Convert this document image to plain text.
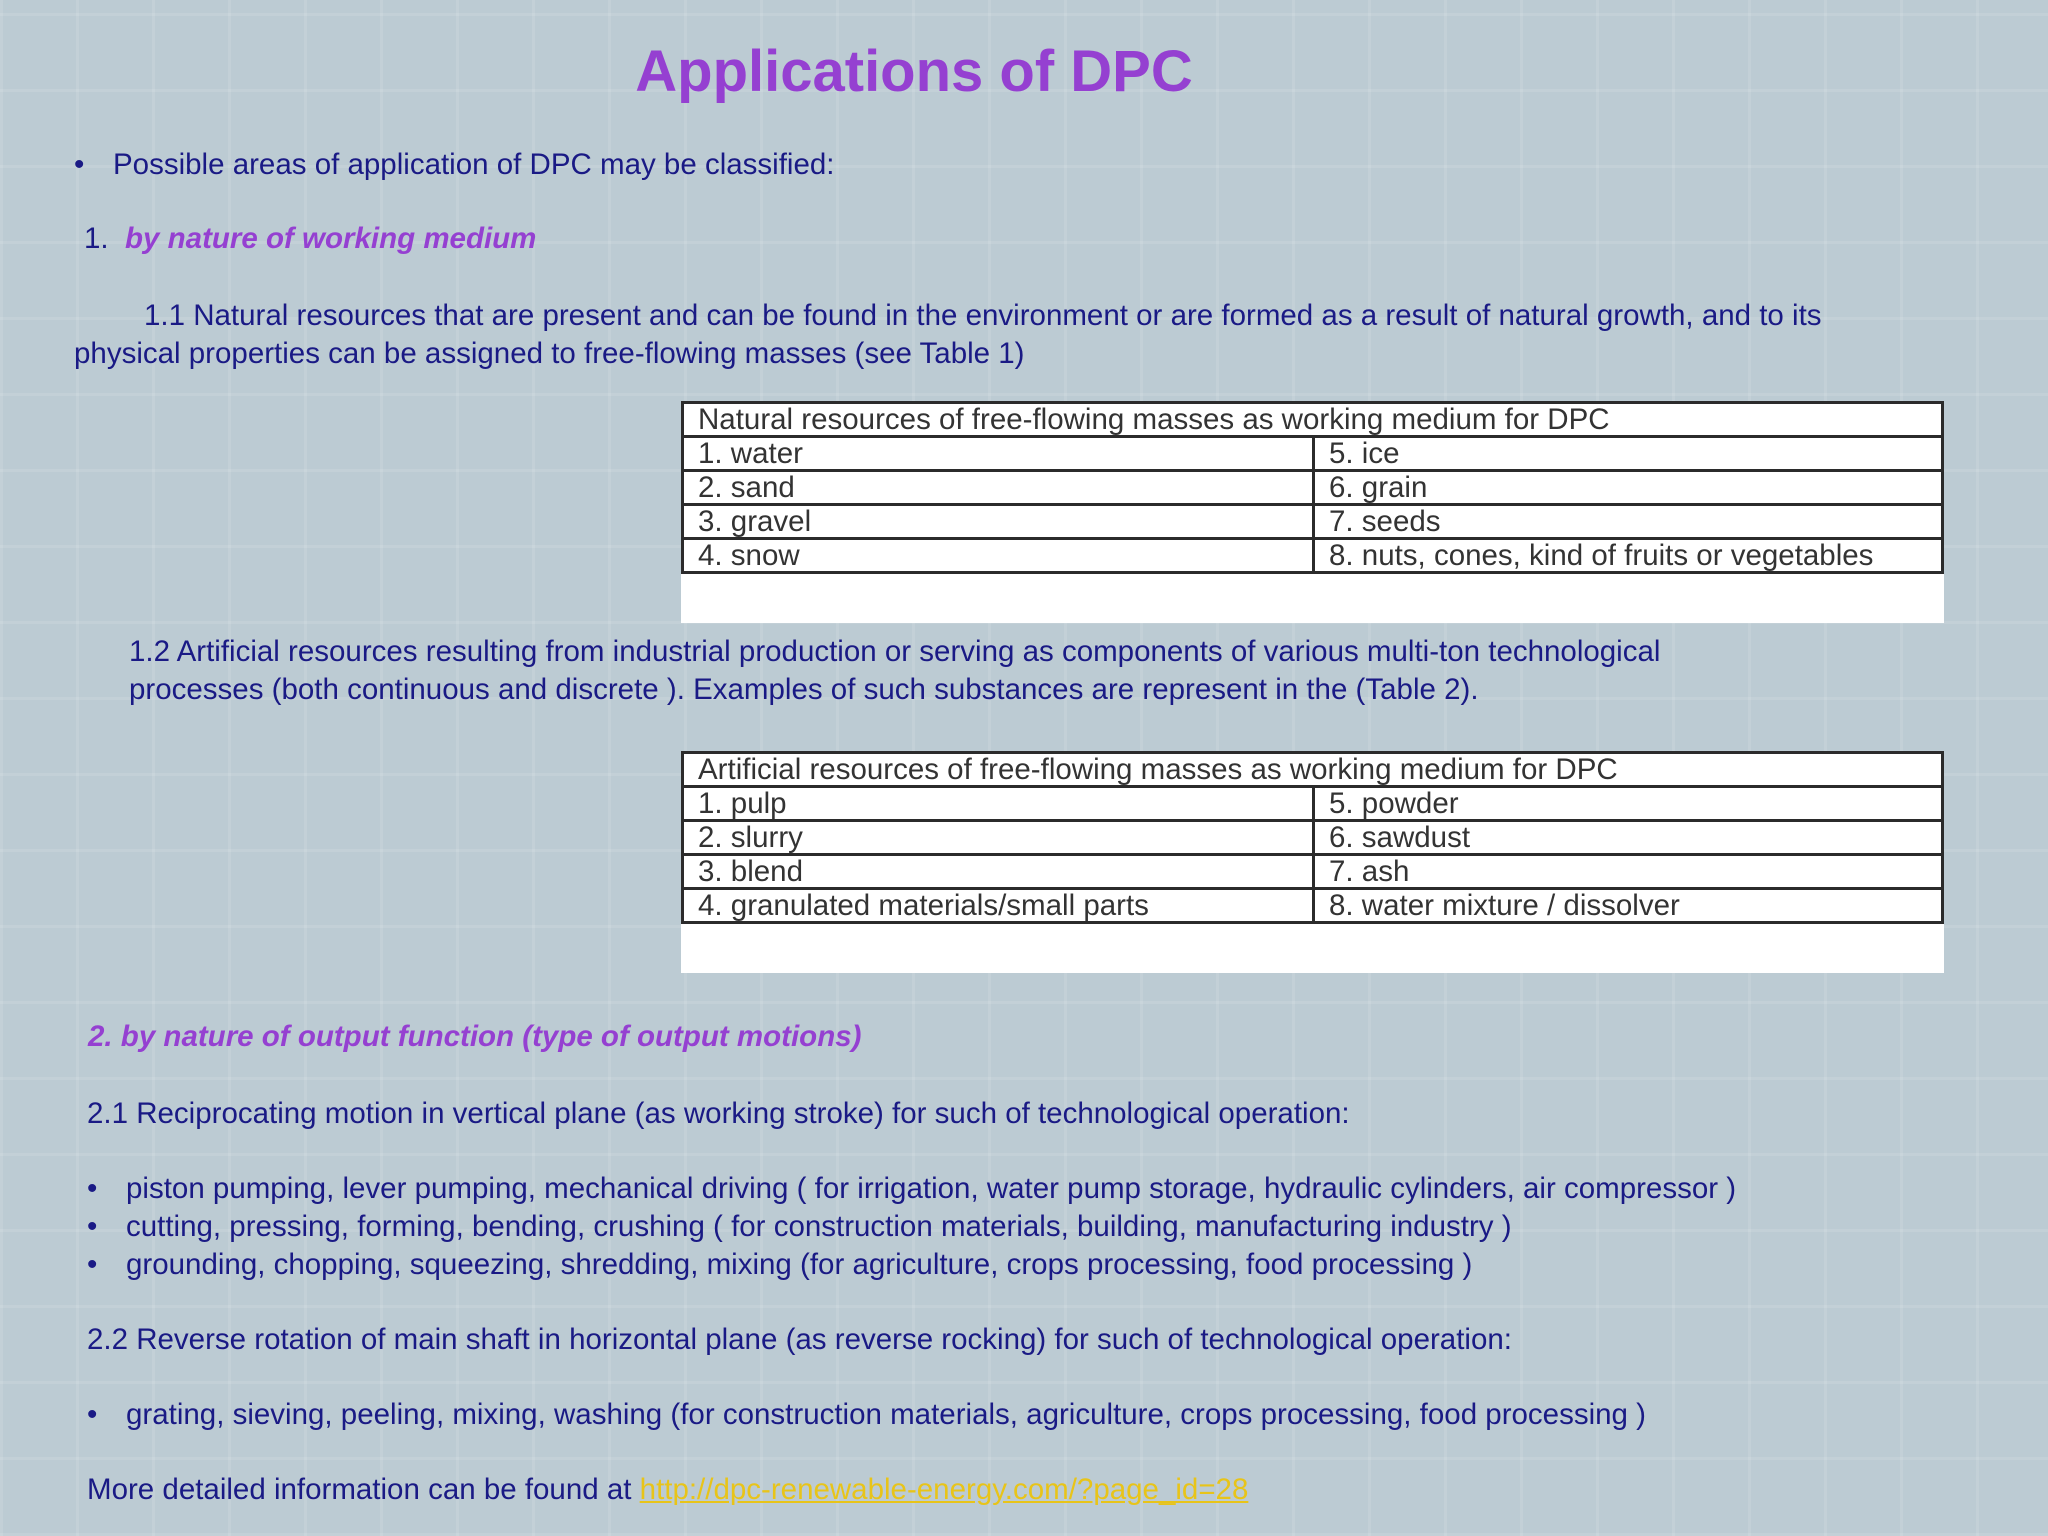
Applications of DPC
• Possible areas of application of DPC may be classified:
1. by nature of working medium
1.1 Natural resources that are present and can be found in the environment or are formed as a result of natural growth, and to its
physical properties can be assigned to free-flowing masses (see Table 1)
Natural resources of free-flowing masses as working medium for DPC	
1. water	5. ice
2. sand	6. grain
3. gravel	7. seeds
4. snow	8. nuts, cones, kind of fruits or vegetables
1.2 Artificial resources resulting from industrial production or serving as components of various multi-ton technological
processes (both continuous and discrete ). Examples of such substances are represent in the (Table 2).
Artificial resources of free-flowing masses as working medium for DPC	
1. pulp	5. powder
2. slurry	6. sawdust
3. blend	7. ash
4. granulated materials/small parts	8. water mixture / dissolver
2. by nature of output function (type of output motions)
2.1 Reciprocating motion in vertical plane (as working stroke) for such of technological operation:
• piston pumping, lever pumping, mechanical driving ( for irrigation, water pump storage, hydraulic cylinders, air compressor )
• cutting, pressing, forming, bending, crushing ( for construction materials, building, manufacturing industry )
• grounding, chopping, squeezing, shredding, mixing (for agriculture, crops processing, food processing )
2.2 Reverse rotation of main shaft in horizontal plane (as reverse rocking) for such of technological operation:
• grating, sieving, peeling, mixing, washing (for construction materials, agriculture, crops processing, food processing )
More detailed information can be found at http://dpc-renewable-energy.com/?page_id=28
